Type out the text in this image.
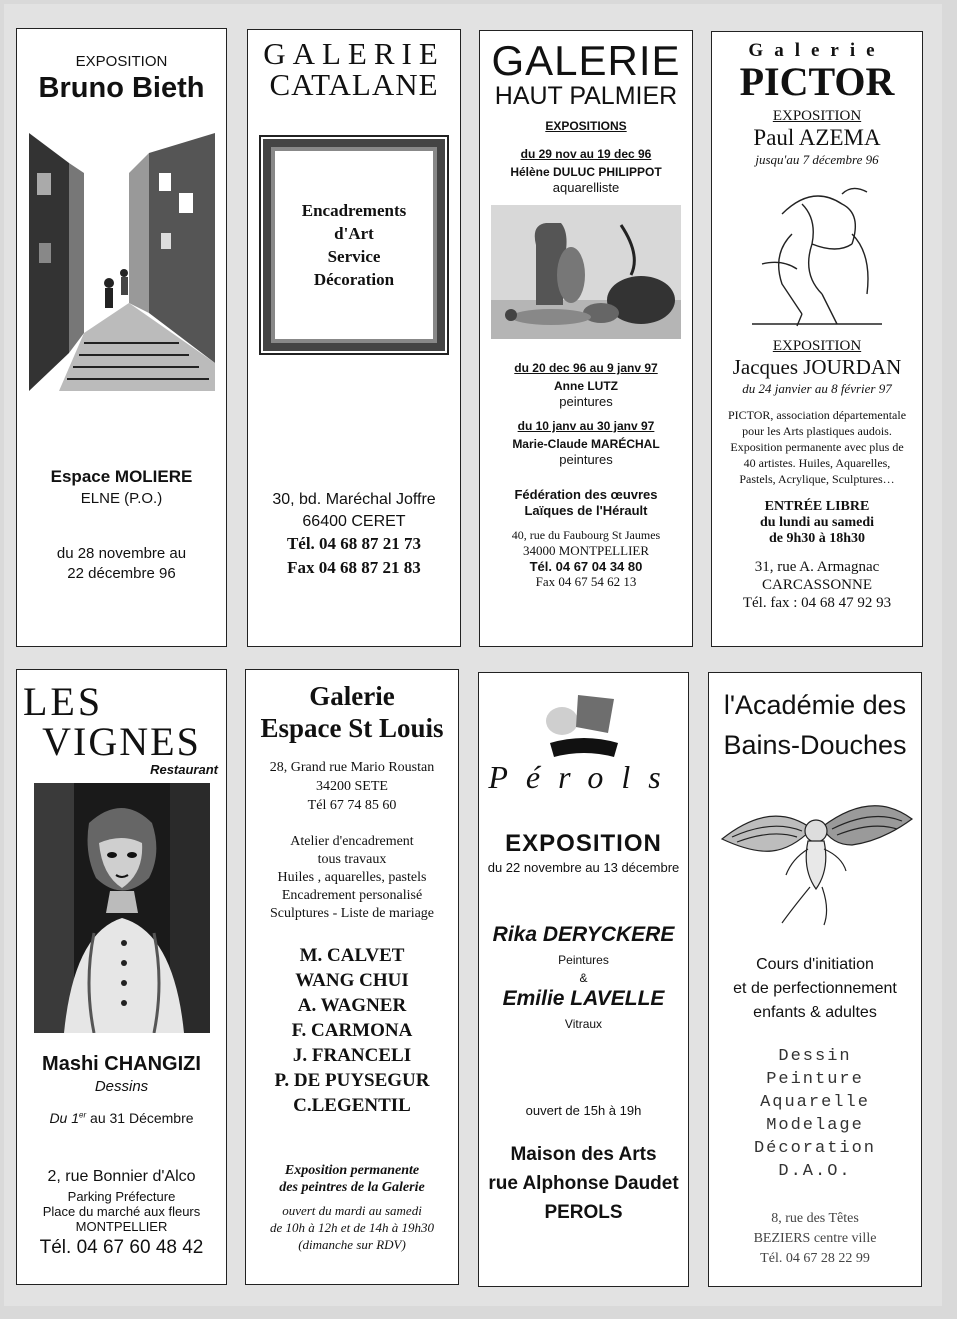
EXPOSITION
Bruno Bieth
Espace MOLIERE
ELNE (P.O.)
du 28 novembre au
22 décembre 96
GALERIE
CATALANE
Encadrements
d'Art
Service
Décoration
30, bd. Maréchal Joffre
66400 CERET
Tél. 04 68 87 21 73
Fax 04 68 87 21 83
GALERIE
HAUT PALMIER
EXPOSITIONS
du 29 nov au 19 dec 96
Hélène DULUC PHILIPPOT
aquarelliste
du 20 dec 96 au 9 janv 97
Anne LUTZ
peintures
du 10 janv au 30 janv 97
Marie-Claude MARÉCHAL
peintures
Fédération des œuvres
Laïques de l'Hérault
40, rue du Faubourg St Jaumes
34000 MONTPELLIER
Tél. 04 67 04 34 80
Fax 04 67 54 62 13
Galerie
PICTOR
EXPOSITION
Paul AZEMA
jusqu'au 7 décembre 96
EXPOSITION
Jacques JOURDAN
du 24 janvier au 8 février 97
PICTOR, association départementale
pour les Arts plastiques audois.
Exposition permanente avec plus de
40 artistes. Huiles, Aquarelles,
Pastels, Acrylique, Sculptures…
ENTRÉE LIBRE
du lundi au samedi
de 9h30 à 18h30
31, rue A. Armagnac
CARCASSONNE
Tél. fax : 04 68 47 92 93
LES
VIGNES
Restaurant
Mashi CHANGIZI
Dessins
Du 1er au 31 Décembre
2, rue Bonnier d'Alco
Parking Préfecture
Place du marché aux fleurs
MONTPELLIER
Tél. 04 67 60 48 42
Galerie
Espace St Louis
28, Grand rue Mario Roustan
34200 SETE
Tél 67 74 85 60
Atelier d'encadrement
tous travaux
Huiles , aquarelles, pastels
Encadrement personalisé
Sculptures - Liste de mariage
M. CALVET
WANG CHUI
A. WAGNER
F. CARMONA
J. FRANCELI
P. DE PUYSEGUR
C.LEGENTIL
Exposition permanente
des peintres de la Galerie
ouvert du mardi au samedi
de 10h à 12h et de 14h à 19h30
(dimanche sur RDV)
Pérols
EXPOSITION
du 22 novembre au 13 décembre
Rika DERYCKERE
Peintures
&
Emilie LAVELLE
Vitraux
ouvert de 15h à 19h
Maison des Arts
rue Alphonse Daudet
PEROLS
l'Académie des
Bains-Douches
Cours d'initiation
et de perfectionnement
enfants & adultes
Dessin
Peinture
Aquarelle
Modelage
Décoration
D.A.O.
8, rue des Têtes
BEZIERS centre ville
Tél. 04 67 28 22 99
